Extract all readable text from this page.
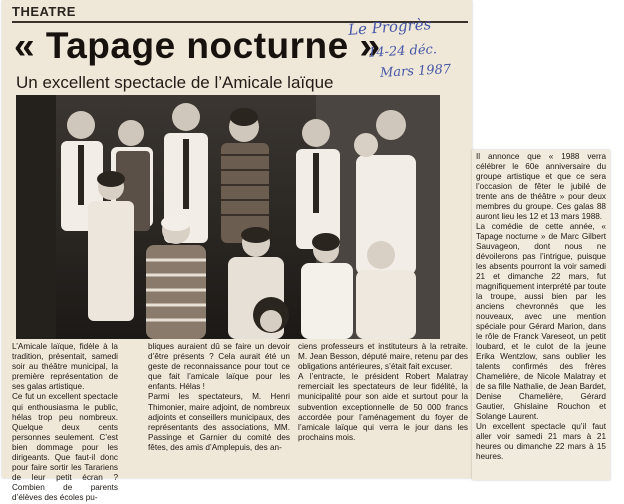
THEATRE
« Tapage nocturne »
Un excellent spectacle de l’Amicale laïque
Le Progrès
14-24 déc.
Mars 1987
L’Amicale laïque, fidèle à la tradition, présentait, samedi soir au théâtre municipal, la première représentation de ses galas artistique.
Ce fut un excellent spectacle qui enthousiasma le public, hélas trop peu nombreux. Quelque deux cents personnes seulement. C’est bien dommage pour les dirigeants. Que faut-il donc pour faire sortir les Tarariens de leur petit écran ? Combien de parents d’élèves des écoles pu-
bliques auraient dû se faire un devoir d’être présents ? Cela aurait été un geste de reconnaissance pour tout ce que fait l’amicale laïque pour les enfants. Hélas !
Parmi les spectateurs, M. Henri Thimonier, maire adjoint, de nombreux adjoints et conseillers municipaux, des représentants des associations, MM. Passinge et Garnier du comité des fêtes, des amis d’Amplepuis, des an-
ciens professeurs et instituteurs à la retraite. M. Jean Besson, député maire, retenu par des obligations antérieures, s’était fait excuser.
A l’entracte, le président Robert Malatray remerciait les spectateurs de leur fidélité, la municipalité pour son aide et surtout pour la subvention exceptionnelle de 50 000 francs accordée pour l’aménagement du foyer de l’amicale laïque qui verra le jour dans les prochains mois.
Il annonce que « 1988 verra célébrer le 60e anniversaire du groupe artistique et que ce sera l’occasion de fêter le jubilé de trente ans de théâtre » pour deux membres du groupe. Ces galas 88 auront lieu les 12 et 13 mars 1988.
La comédie de cette année, « Tapage nocturne » de Marc Gilbert Sauvageon, dont nous ne dévoilerons pas l’intrigue, puisque les absents pourront la voir samedi 21 et dimanche 22 mars, fut magnifiquement interprété par toute la troupe, aussi bien par les anciens chevronnés que les nouveaux, avec une mention spéciale pour Gérard Marion, dans le rôle de Franck Vareseot, un petit loubard, et le culot de la jeune Erika Wentzlow, sans oublier les talents confirmés des frères Chamelière, de Nicole Malatray et de sa fille Nathalie, de Jean Bardet, Denise Chamelière, Gérard Gautier, Ghislaine Rouchon et Solange Laurent.
Un excellent spectacle qu’il faut aller voir samedi 21 mars à 21 heures ou dimanche 22 mars à 15 heures.
